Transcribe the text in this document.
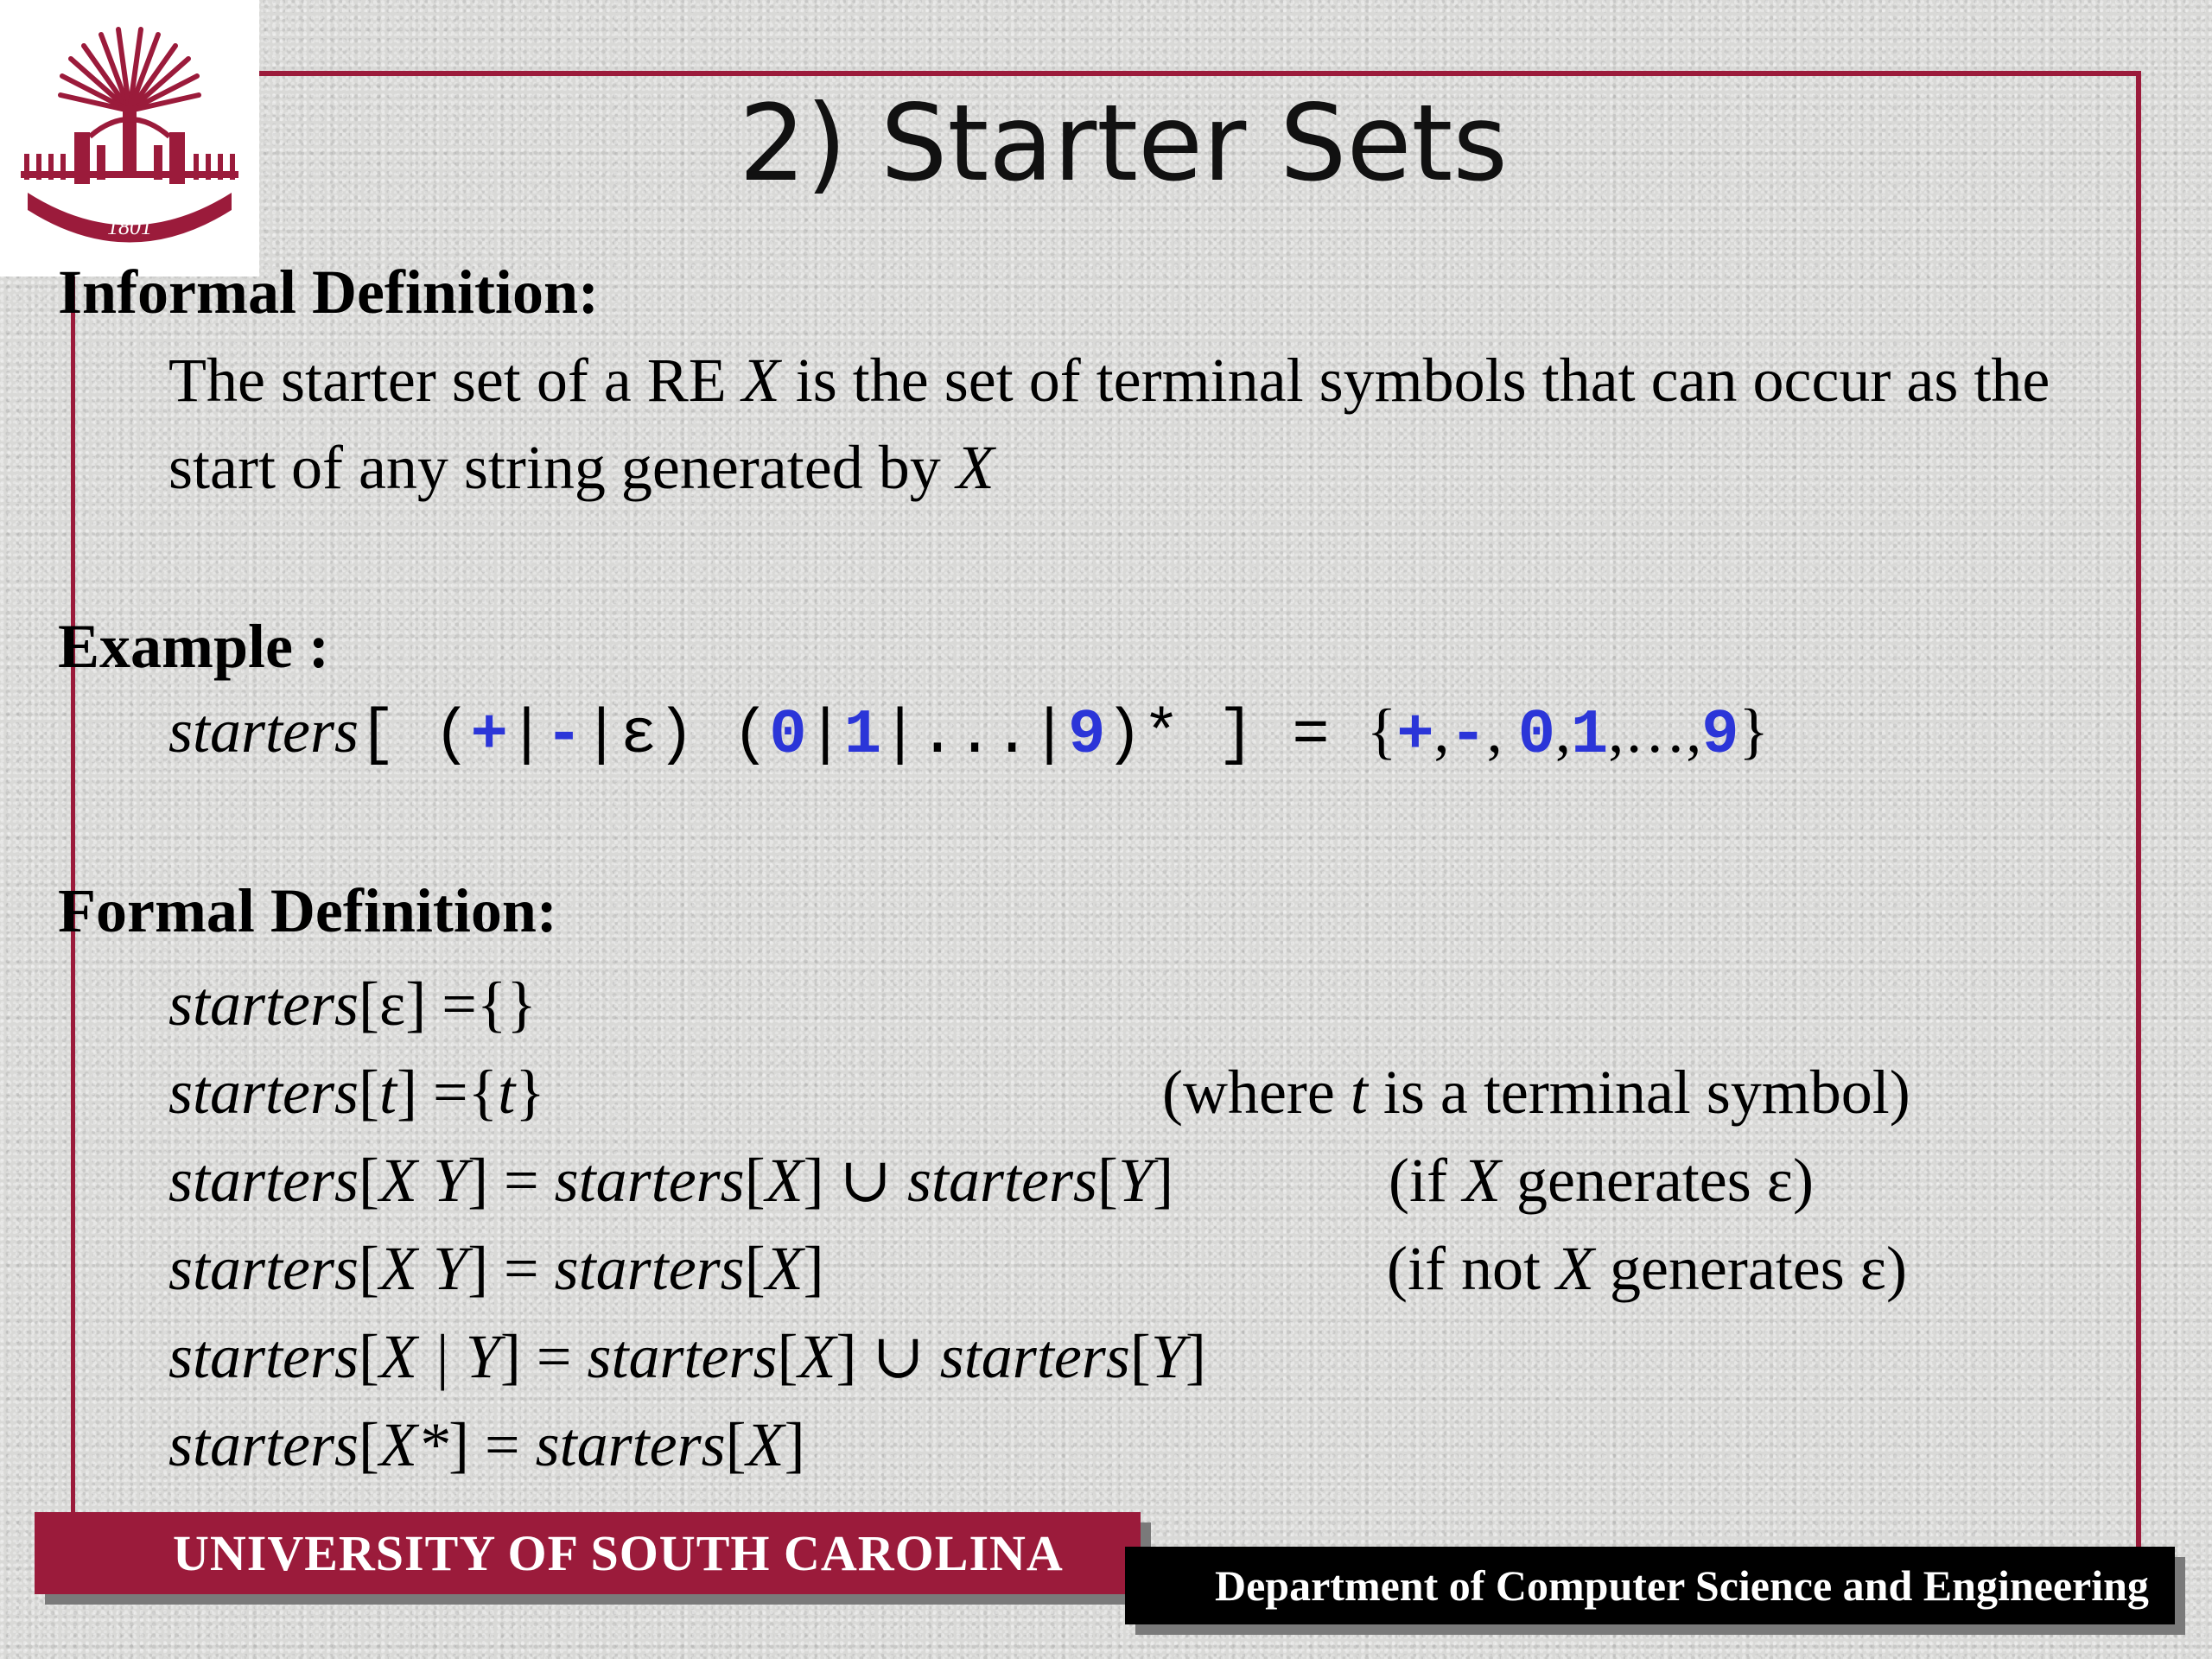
1801
2) Starter Sets
Informal Definition:
The starter set of a RE X is the set of terminal symbols that can occur as the start of any string generated by X
Example :
starters[ (+|-|ε) (0|1|...|9)* ] = {+,-, 0,1,…,9}
Formal Definition:
starters[ε] ={}
starters[t] ={t}	(where t is a terminal symbol)
starters[X Y] = starters[X] ∪ starters[Y]	(if X generates ε)
starters[X Y] = starters[X]	(if not X generates ε)
starters[X | Y] = starters[X] ∪ starters[Y]
starters[X*] = starters[X]
UNIVERSITY OF SOUTH CAROLINA
Department of Computer Science and Engineering
